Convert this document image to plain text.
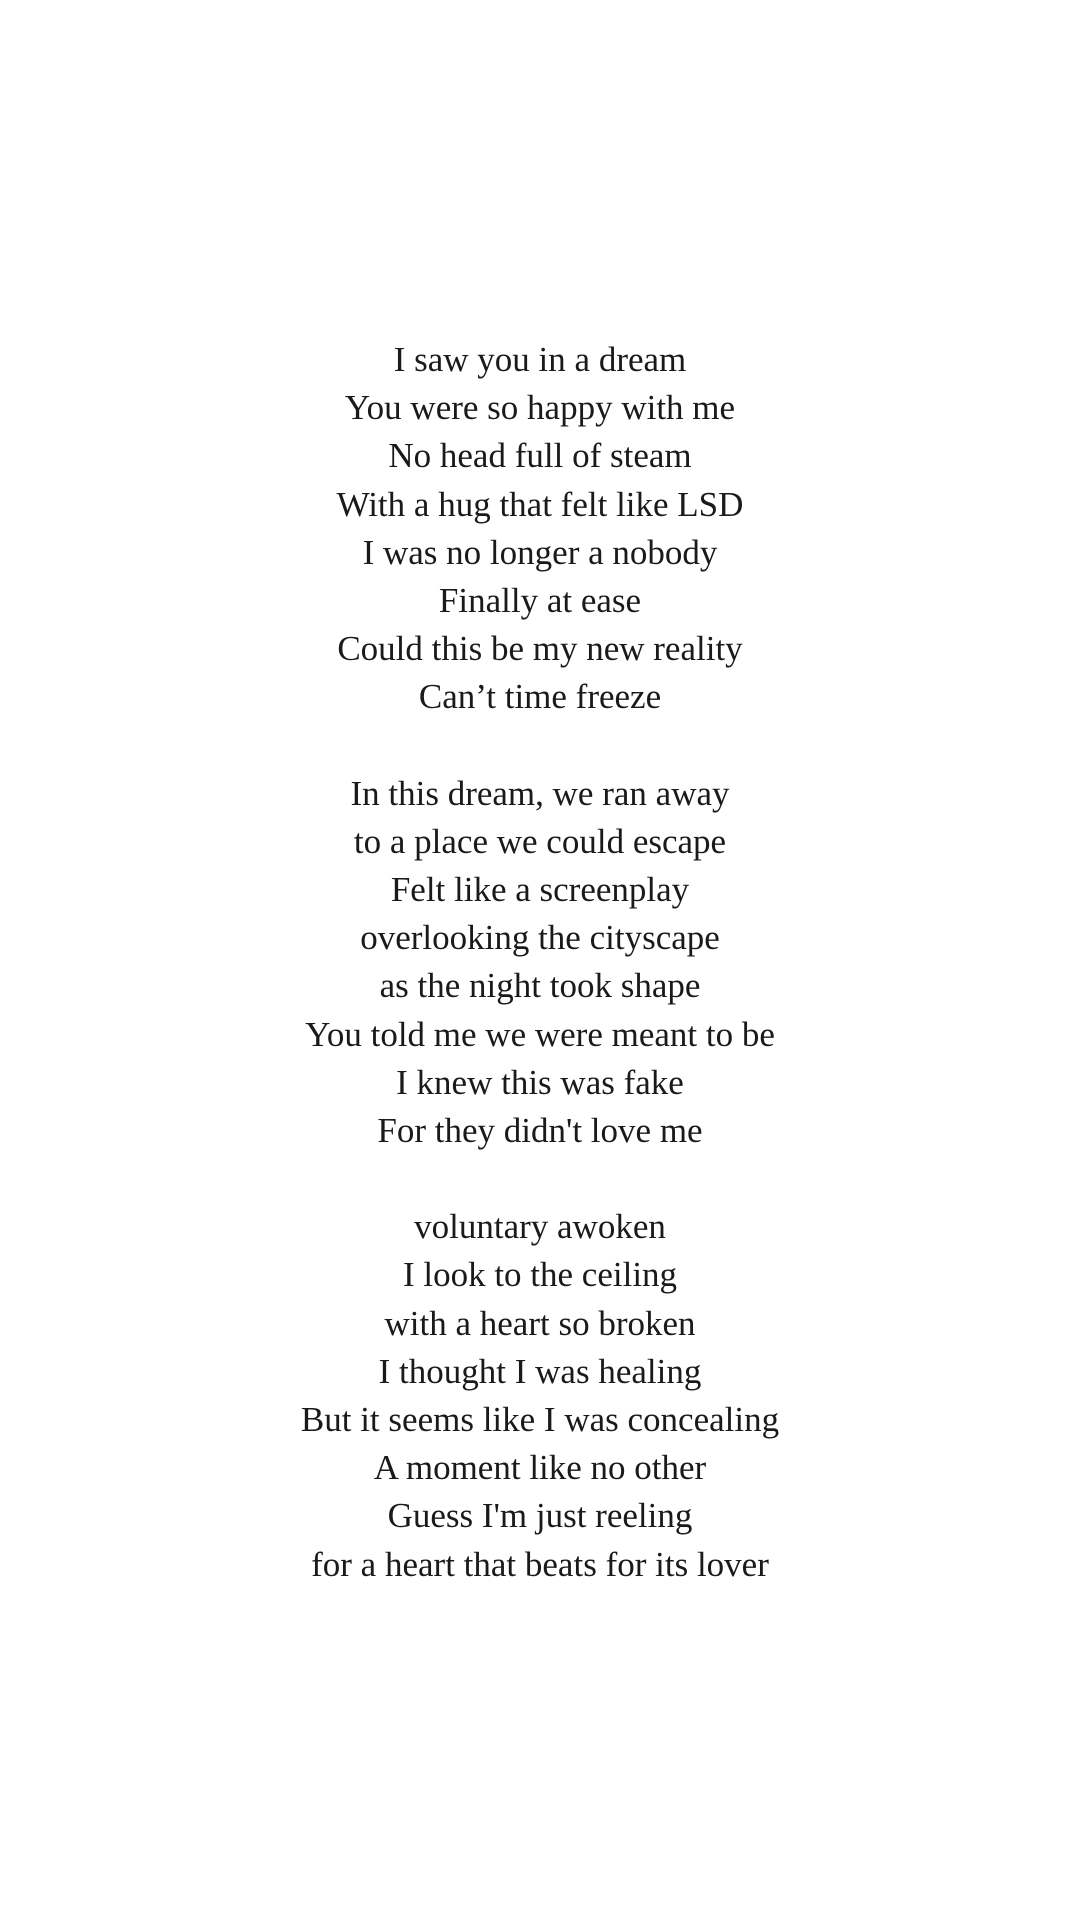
I saw you in a dream
You were so happy with me
No head full of steam
With a hug that felt like LSD
I was no longer a nobody
Finally at ease
Could this be my new reality
Can’t time freeze
In this dream, we ran away
to a place we could escape
Felt like a screenplay
overlooking the cityscape
as the night took shape
You told me we were meant to be
I knew this was fake
For they didn't love me
voluntary awoken
I look to the ceiling
with a heart so broken
I thought I was healing
But it seems like I was concealing
A moment like no other
Guess I'm just reeling
for a heart that beats for its lover
